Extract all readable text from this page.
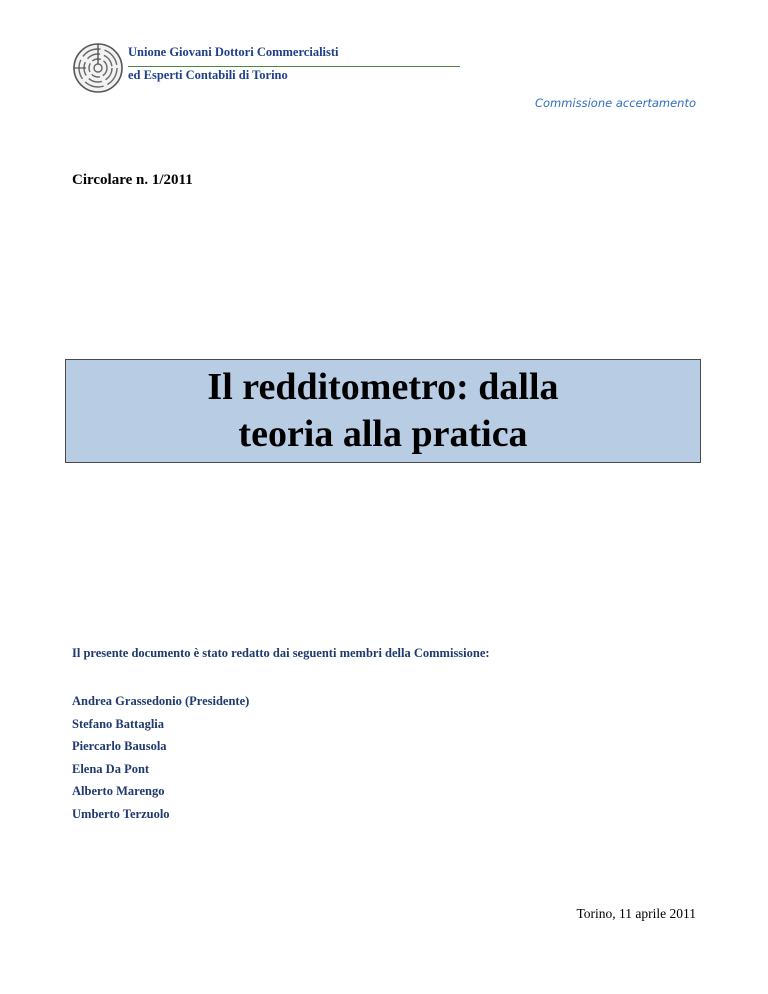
Unione Giovani Dottori Commercialisti
ed Esperti Contabili di Torino
Commissione accertamento
Circolare n. 1/2011
Il redditometro: dalla
teoria alla pratica
Il presente documento è stato redatto dai seguenti membri della Commissione:
Andrea Grassedonio (Presidente)
Stefano Battaglia
Piercarlo Bausola
Elena Da Pont
Alberto Marengo
Umberto Terzuolo
Torino, 11 aprile 2011
